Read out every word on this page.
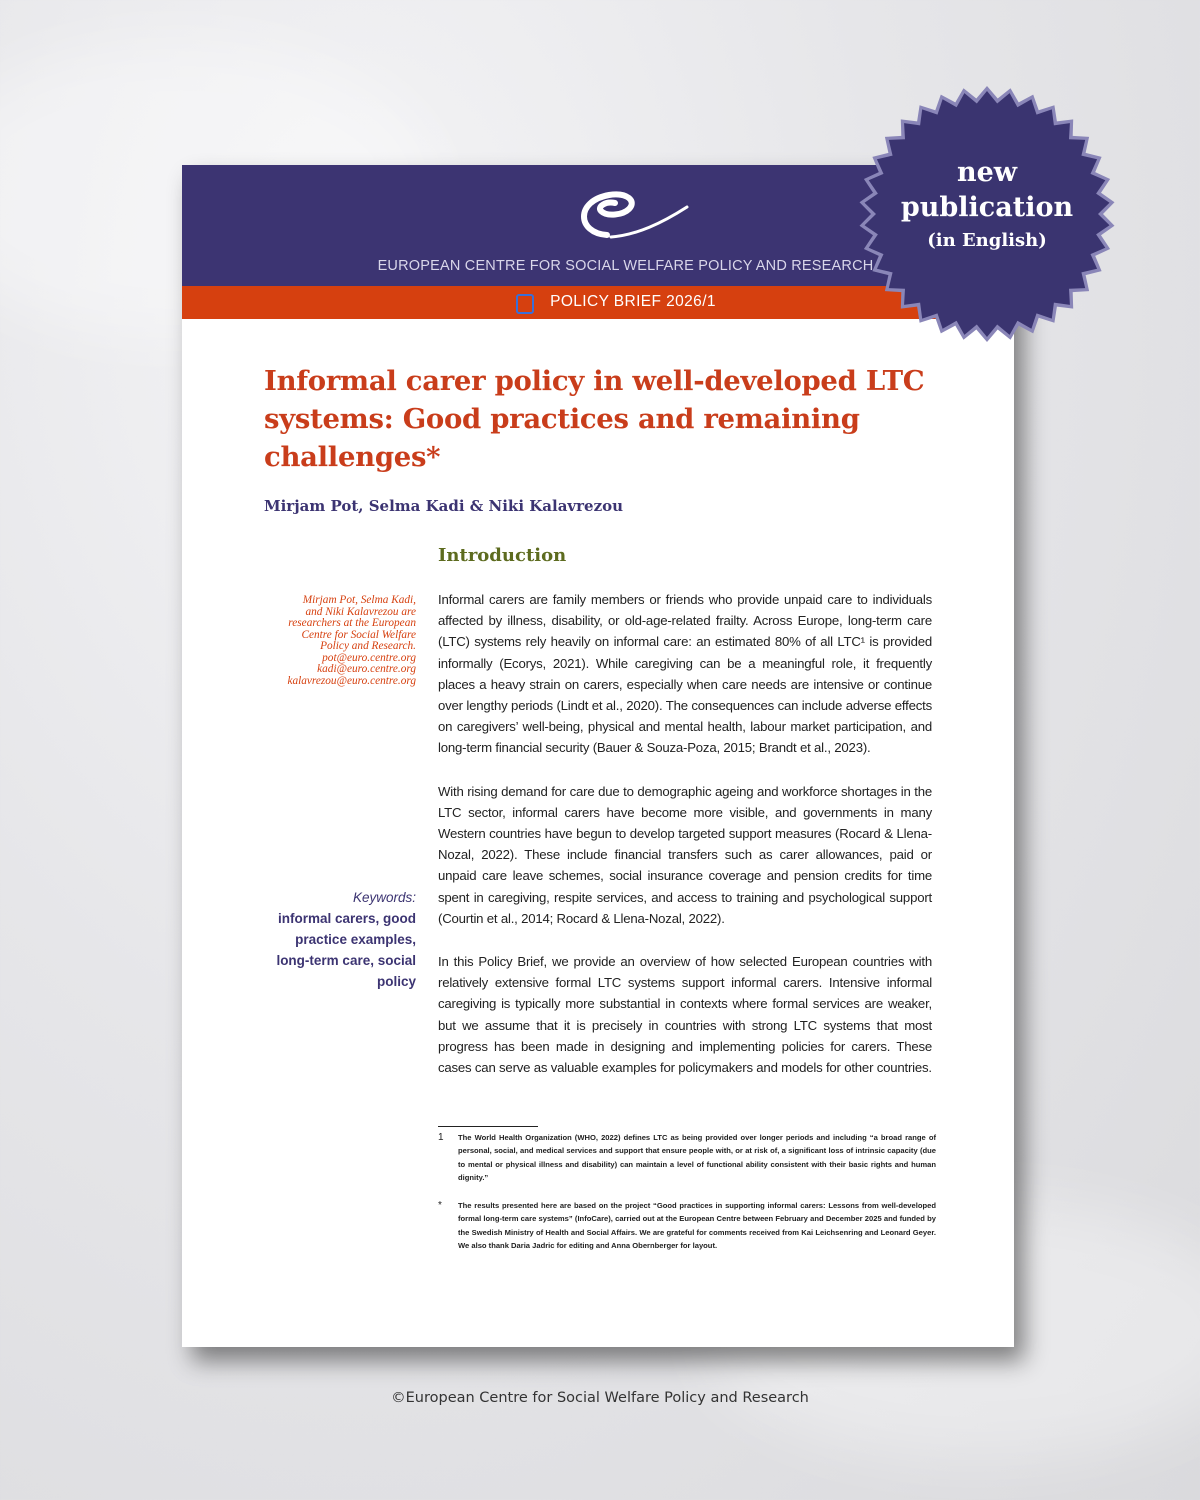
EUROPEAN CENTRE FOR SOCIAL WELFARE POLICY AND RESEARCH
POLICY BRIEF 2026/1
Informal carer policy in well-developed LTC systems: Good practices and remaining challenges*

Mirjam Pot, Selma Kadi & Niki Kalavrezou

Introduction
Mirjam Pot, Selma Kadi,
and Niki Kalavrezou are
researchers at the European
Centre for Social Welfare
Policy and Research.
pot@euro.centre.org
kadi@euro.centre.org
kalavrezou@euro.centre.org
Keywords:
informal carers, good practice examples, long-term care, social policy

Informal carers are family members or friends who provide unpaid care to individuals affected by illness, disability, or old-age-related frailty. Across Europe, long-term care (LTC) systems rely heavily on informal care: an estimated 80% of all LTC¹ is provided informally (Ecorys, 2021). While caregiving can be a meaningful role, it frequently places a heavy strain on carers, especially when care needs are intensive or continue over lengthy periods (Lindt et al., 2020). The consequences can include adverse effects on caregivers’ well-being, physical and mental health, labour market participation, and long-term financial security (Bauer & Souza-Poza, 2015; Brandt et al., 2023).

With rising demand for care due to demographic ageing and workforce shortages in the LTC sector, informal carers have become more visible, and governments in many Western countries have begun to develop targeted support measures (Rocard & Llena-Nozal, 2022). These include financial transfers such as carer allowances, paid or unpaid care leave schemes, social insurance coverage and pension credits for time spent in caregiving, respite services, and access to training and psychological support (Courtin et al., 2014; Rocard & Llena-Nozal, 2022).

In this Policy Brief, we provide an overview of how selected European countries with relatively extensive formal LTC systems support informal carers. Intensive informal caregiving is typically more substantial in contexts where formal services are weaker, but we assume that it is precisely in countries with strong LTC systems that most progress has been made in designing and implementing policies for carers. These cases can serve as valuable examples for policymakers and models for other countries.

1 The World Health Organization (WHO, 2022) defines LTC as being provided over longer periods and including “a broad range of personal, social, and medical services and support that ensure people with, or at risk of, a significant loss of intrinsic capacity (due to mental or physical illness and disability) can maintain a level of functional ability consistent with their basic rights and human dignity.”
* The results presented here are based on the project “Good practices in supporting informal carers: Lessons from well-developed formal long-term care systems” (InfoCare), carried out at the European Centre between February and December 2025 and funded by the Swedish Ministry of Health and Social Affairs. We are grateful for comments received from Kai Leichsenring and Leonard Geyer. We also thank Daria Jadric for editing and Anna Obernberger for layout.
new
publication
(in English)
©European Centre for Social Welfare Policy and Research
